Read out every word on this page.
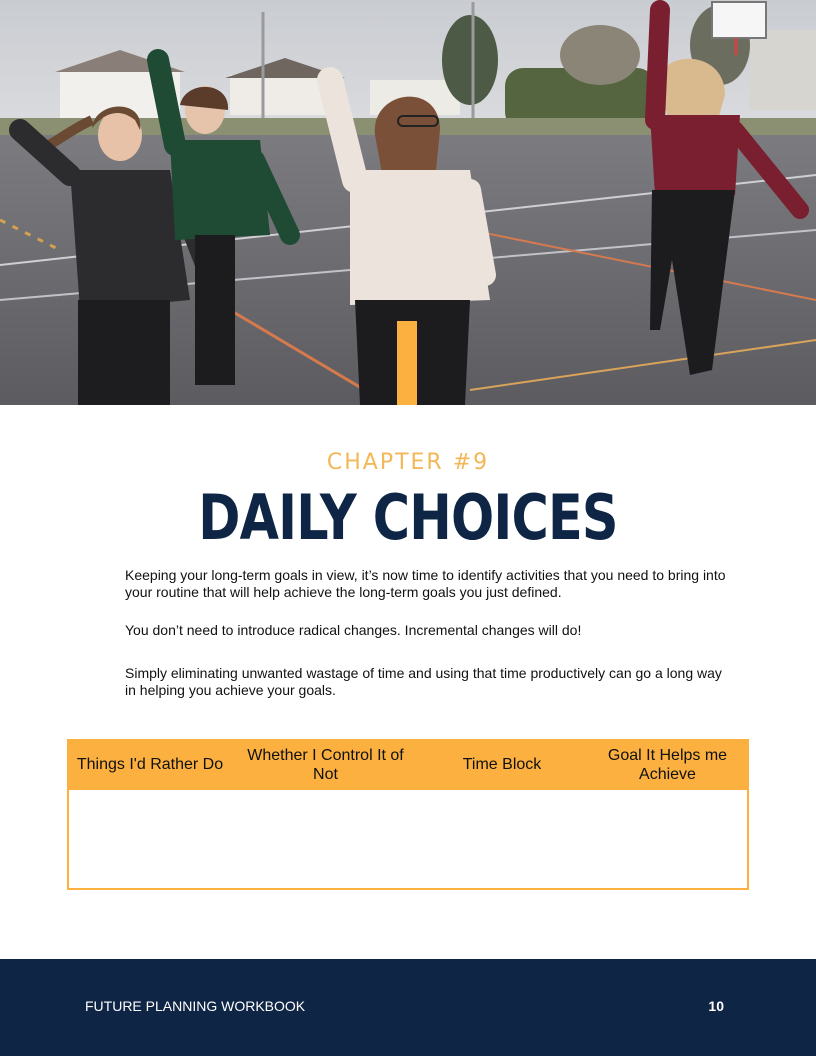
CHAPTER #9
DAILY CHOICES

Keeping your long-term goals in view, it’s now time to identify activities that you need to bring into your routine that will help achieve the long-term goals you just defined.

You don’t need to introduce radical changes. Incremental changes will do!

Simply eliminating unwanted wastage of time and using that time productively can go a long way in helping you achieve your goals.

Things I'd Rather Do
Whether I Control It of Not
Time Block
Goal It Helps me Achieve
FUTURE PLANNING WORKBOOK	10
